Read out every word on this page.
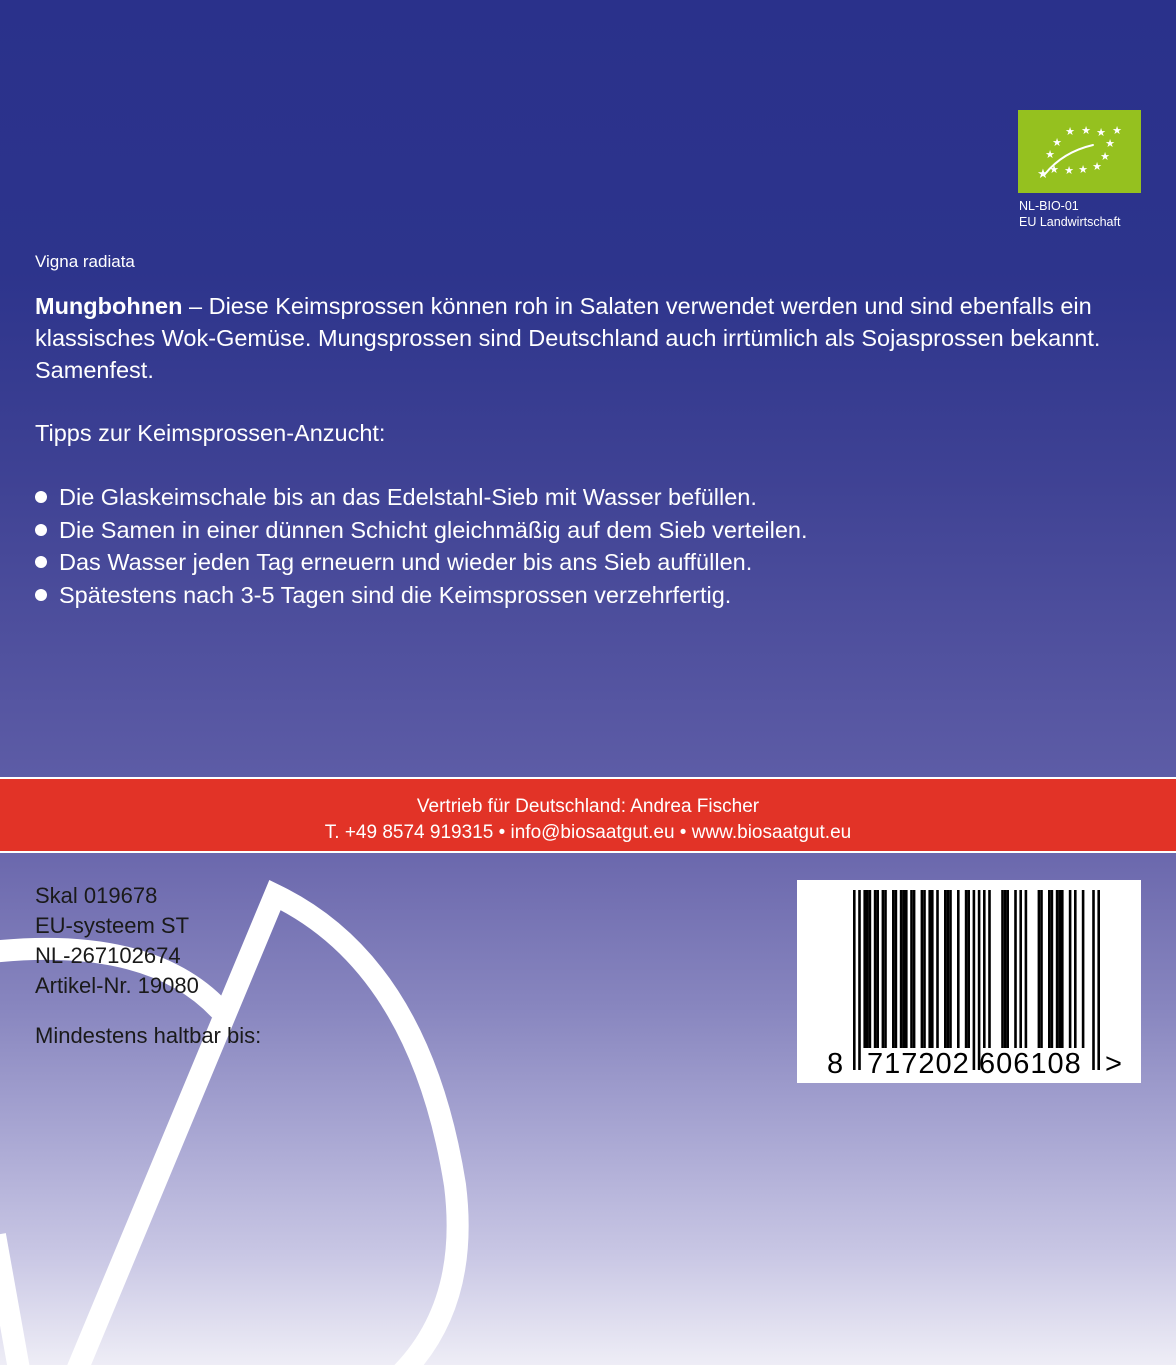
★ ★ ★ ★
★	★
★	★
★
★
★
★
★
NL-BIO-01
EU Landwirtschaft
Vigna radiata
Mungbohnen – Diese Keimsprossen können roh in Salaten verwendet werden und sind ebenfalls ein klassisches Wok-Gemüse. Mungsprossen sind Deutschland auch irrtümlich als Sojasprossen bekannt. Samenfest.
Tipps zur Keimsprossen-Anzucht:
Die Glaskeimschale bis an das Edelstahl-Sieb mit Wasser befüllen.
Die Samen in einer dünnen Schicht gleichmäßig auf dem Sieb verteilen.
Das Wasser jeden Tag erneuern und wieder bis ans Sieb auffüllen.
Spätestens nach 3-5 Tagen sind die Keimsprossen verzehrfertig.
Vertrieb für Deutschland: Andrea Fischer
T. +49 8574 919315 • info@biosaatgut.eu • www.biosaatgut.eu
Skal 019678
EU-systeem ST
NL-267102674
Artikel-Nr. 19080
Mindestens haltbar bis:
8 717202 606108 >
